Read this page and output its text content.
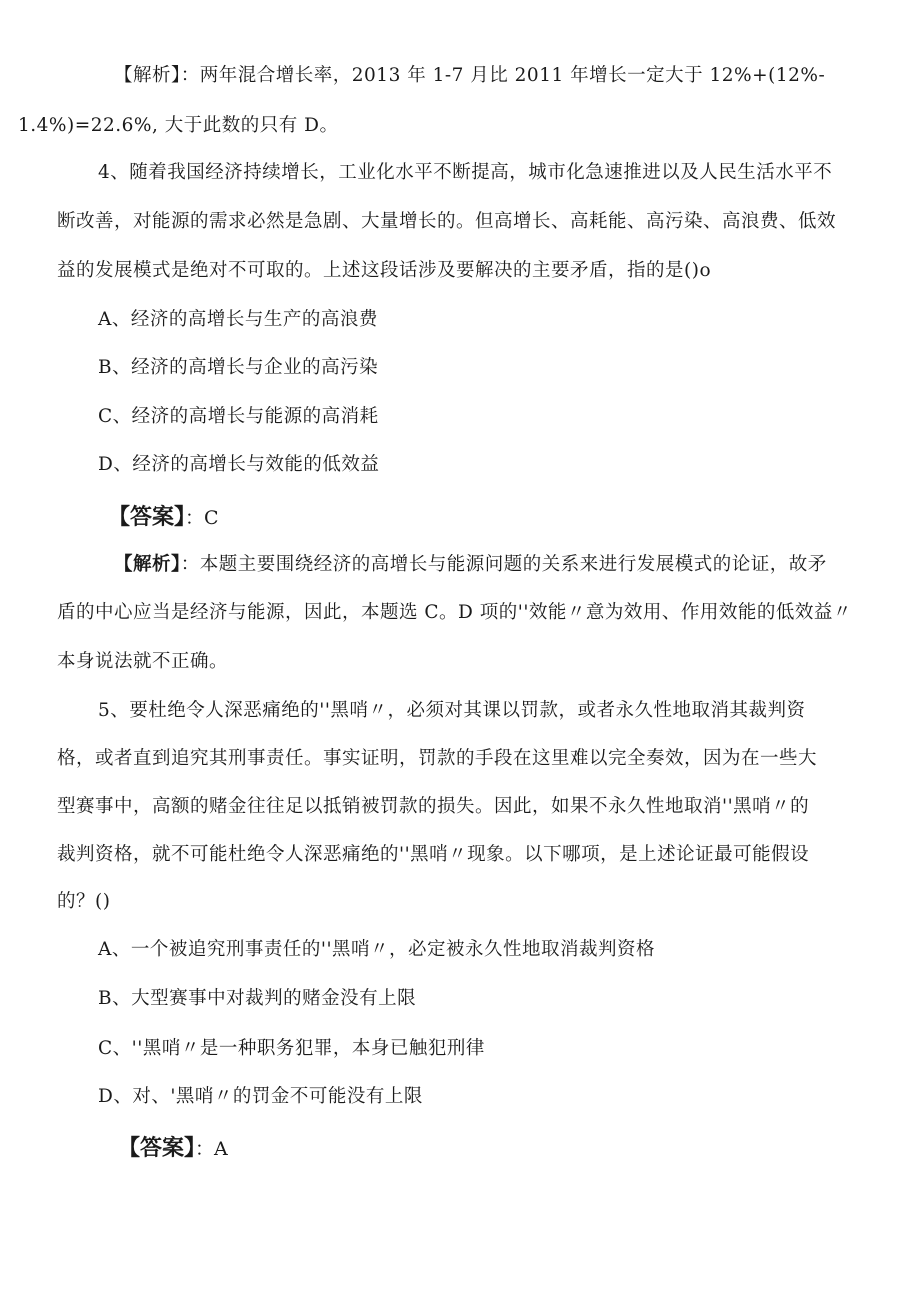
【解析】：两年混合增长率，2013 年 1-7 月比 2011 年增长一定大于 12%+(12%-
1.4%)=22.6%, 大于此数的只有 D。
4、随着我国经济持续增长，工业化水平不断提高，城市化急速推进以及人民生活水平不
断改善，对能源的需求必然是急剧、大量增长的。但高增长、高耗能、高污染、高浪费、低效
益的发展模式是绝对不可取的。上述这段话涉及要解决的主要矛盾，指的是()o
A、经济的高增长与生产的高浪费
B、经济的高增长与企业的高污染
C、经济的高增长与能源的高消耗
D、经济的高增长与效能的低效益
【答案】：C
【解析】：本题主要围绕经济的高增长与能源问题的关系来进行发展模式的论证，故矛
盾的中心应当是经济与能源，因此，本题选 C。D 项的''效能〃意为效用、作用效能的低效益〃
本身说法就不正确。
5、要杜绝令人深恶痛绝的''黑哨〃，必须对其课以罚款，或者永久性地取消其裁判资
格，或者直到追究其刑事责任。事实证明，罚款的手段在这里难以完全奏效，因为在一些大
型赛事中，高额的赌金往往足以抵销被罚款的损失。因此，如果不永久性地取消''黑哨〃的
裁判资格，就不可能杜绝令人深恶痛绝的''黑哨〃现象。以下哪项，是上述论证最可能假设
的？()
A、一个被追究刑事责任的''黑哨〃，必定被永久性地取消裁判资格
B、大型赛事中对裁判的赌金没有上限
C、''黑哨〃是一种职务犯罪，本身已触犯刑律
D、对、'黑哨〃的罚金不可能没有上限
【答案】：A
